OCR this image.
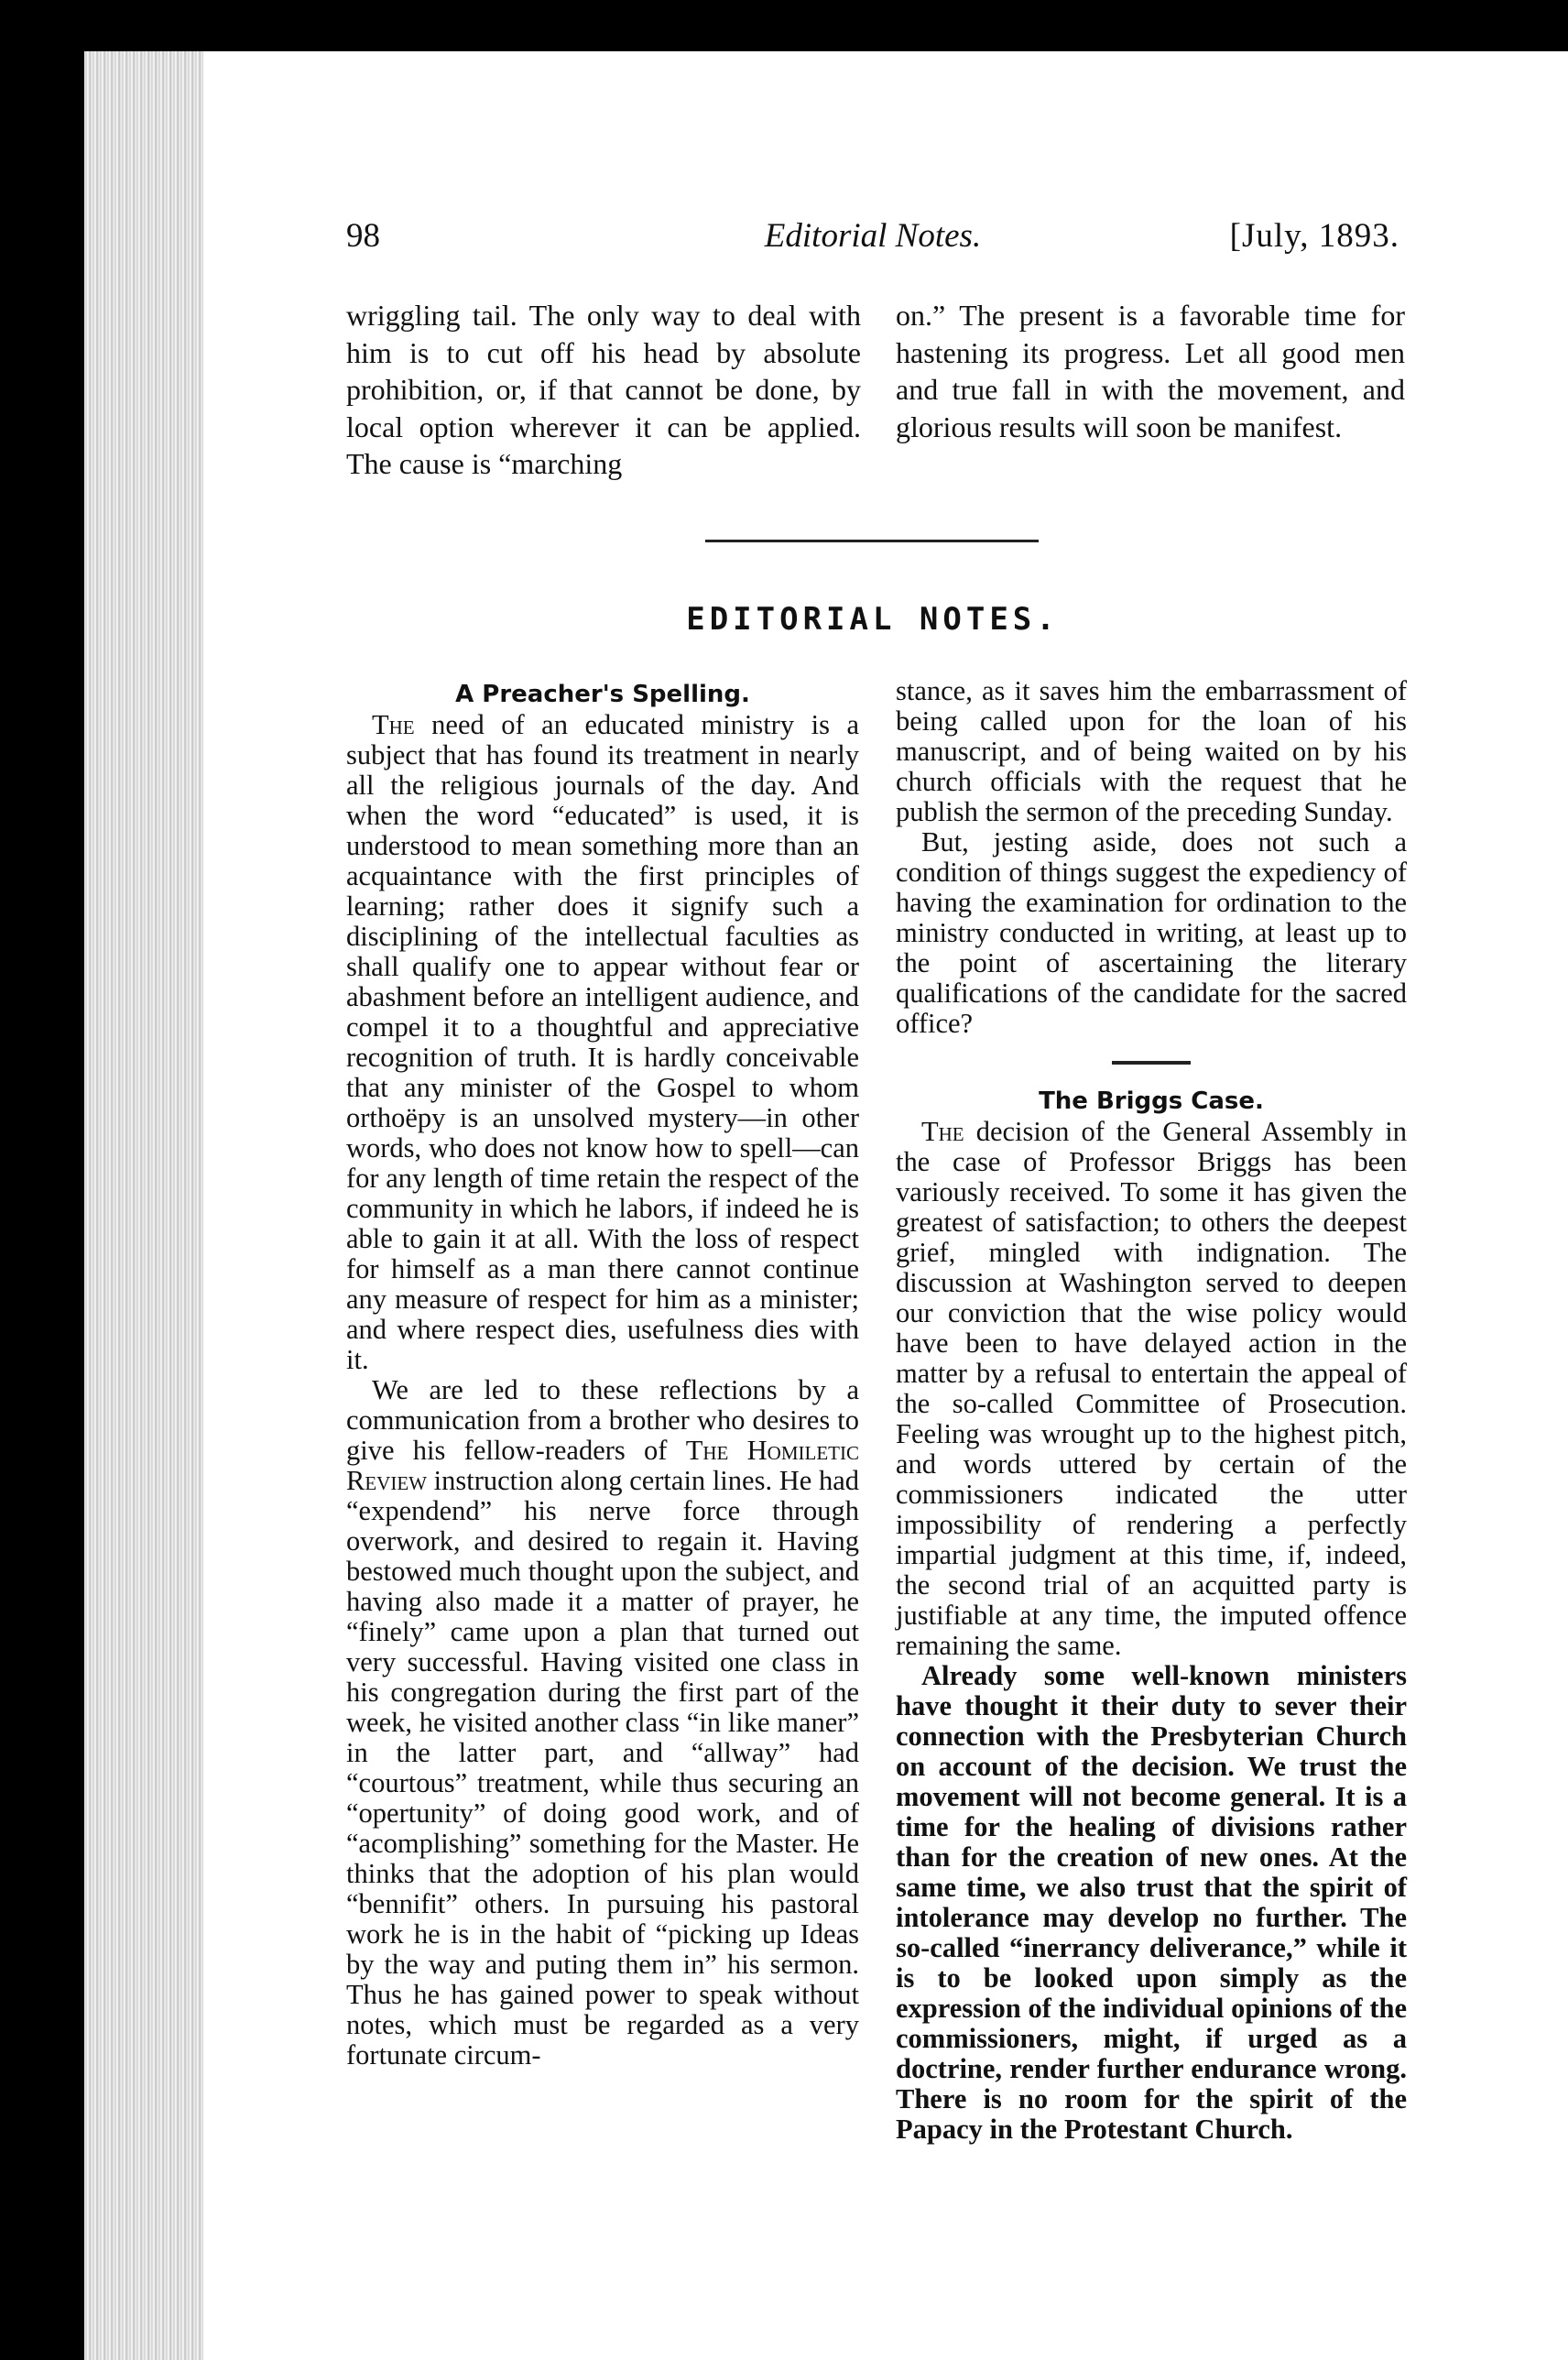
98	Editorial Notes.	[July, 1893.

wriggling tail. The only way to deal with him is to cut off his head by absolute prohibition, or, if that cannot be done, by local option wherever it can be applied. The cause is “marching

on.” The present is a favorable time for hastening its progress. Let all good men and true fall in with the movement, and glorious results will soon be manifest.

EDITORIAL NOTES.

A Preacher's Spelling.

The need of an educated ministry is a subject that has found its treatment in nearly all the religious journals of the day. And when the word “educated” is used, it is understood to mean something more than an acquaintance with the first principles of learning; rather does it signify such a disciplining of the intellectual faculties as shall qualify one to appear without fear or abashment before an intelligent audience, and compel it to a thoughtful and appreciative recognition of truth. It is hardly conceivable that any minister of the Gospel to whom orthoëpy is an unsolved mystery—in other words, who does not know how to spell—can for any length of time retain the respect of the community in which he labors, if indeed he is able to gain it at all. With the loss of respect for himself as a man there cannot continue any measure of respect for him as a minister; and where respect dies, usefulness dies with it.

We are led to these reflections by a communication from a brother who desires to give his fellow-readers of The Homiletic Review instruction along certain lines. He had “expendend” his nerve force through overwork, and desired to regain it. Having bestowed much thought upon the subject, and having also made it a matter of prayer, he “finely” came upon a plan that turned out very successful. Having visited one class in his congregation during the first part of the week, he visited another class “in like maner” in the latter part, and “allway” had “courtous” treatment, while thus securing an “opertunity” of doing good work, and of “acomplishing” something for the Master. He thinks that the adoption of his plan would “bennifit” others. In pursuing his pastoral work he is in the habit of “picking up Ideas by the way and puting them in” his sermon. Thus he has gained power to speak without notes, which must be regarded as a very fortunate circum-

stance, as it saves him the embarrassment of being called upon for the loan of his manuscript, and of being waited on by his church officials with the request that he publish the sermon of the preceding Sunday.

But, jesting aside, does not such a condition of things suggest the expediency of having the examination for ordination to the ministry conducted in writing, at least up to the point of ascertaining the literary qualifications of the candidate for the sacred office?

The Briggs Case.

The decision of the General Assembly in the case of Professor Briggs has been variously received. To some it has given the greatest of satisfaction; to others the deepest grief, mingled with indignation. The discussion at Washington served to deepen our conviction that the wise policy would have been to have delayed action in the matter by a refusal to entertain the appeal of the so-called Committee of Prosecution. Feeling was wrought up to the highest pitch, and words uttered by certain of the commissioners indicated the utter impossibility of rendering a perfectly impartial judgment at this time, if, indeed, the second trial of an acquitted party is justifiable at any time, the imputed offence remaining the same.

Already some well-known ministers have thought it their duty to sever their connection with the Presbyterian Church on account of the decision. We trust the movement will not become general. It is a time for the healing of divisions rather than for the creation of new ones. At the same time, we also trust that the spirit of intolerance may develop no further. The so-called “inerrancy deliverance,” while it is to be looked upon simply as the expression of the individual opinions of the commissioners, might, if urged as a doctrine, render further endurance wrong. There is no room for the spirit of the Papacy in the Protestant Church.
